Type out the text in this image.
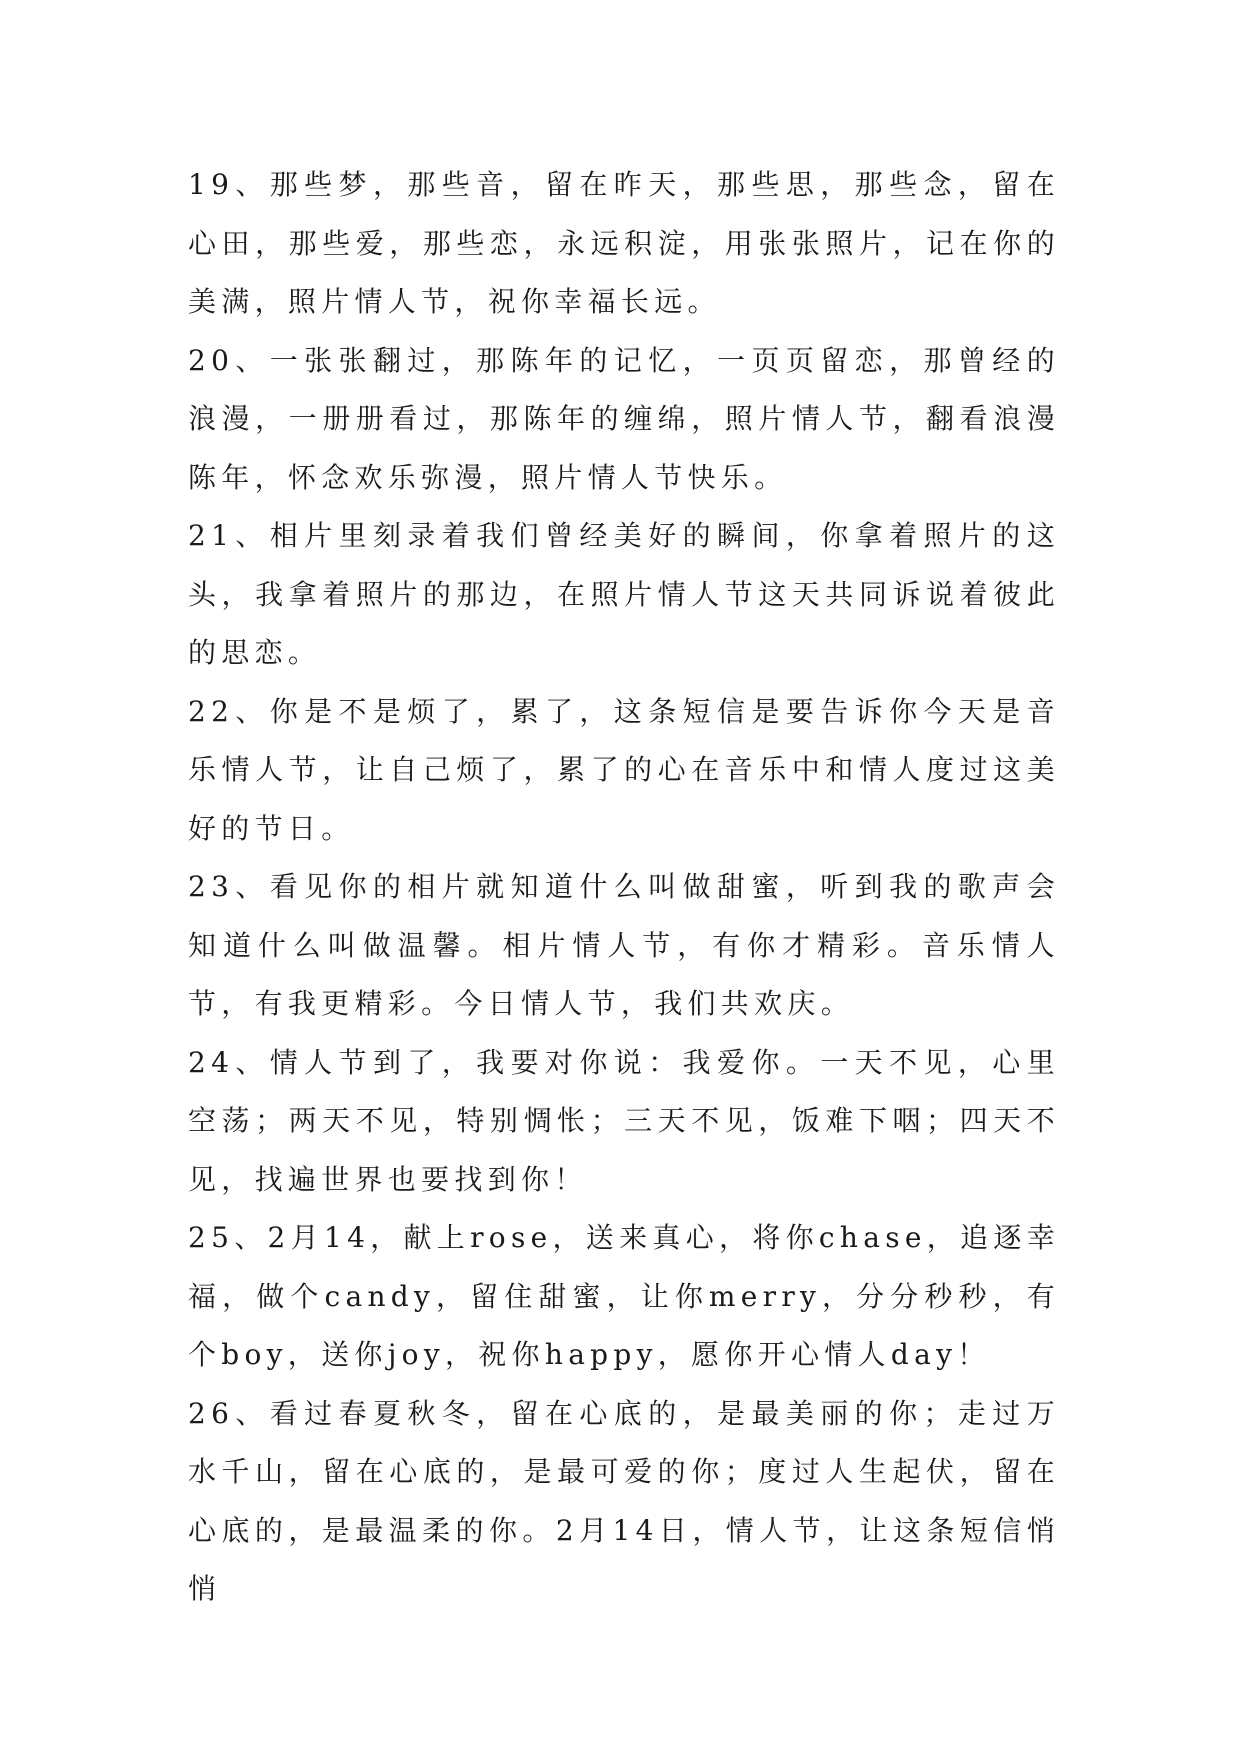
19、那些梦，那些音，留在昨天，那些思，那些念，留在心田，那些爱，那些恋，永远积淀，用张张照片，记在你的美满，照片情人节，祝你幸福长远。

20、一张张翻过，那陈年的记忆，一页页留恋，那曾经的浪漫，一册册看过，那陈年的缠绵，照片情人节，翻看浪漫陈年，怀念欢乐弥漫，照片情人节快乐。

21、相片里刻录着我们曾经美好的瞬间，你拿着照片的这头，我拿着照片的那边，在照片情人节这天共同诉说着彼此的思恋。

22、你是不是烦了，累了，这条短信是要告诉你今天是音乐情人节，让自己烦了，累了的心在音乐中和情人度过这美好的节日。

23、看见你的相片就知道什么叫做甜蜜，听到我的歌声会知道什么叫做温馨。相片情人节，有你才精彩。音乐情人节，有我更精彩。今日情人节，我们共欢庆。

24、情人节到了，我要对你说：我爱你。一天不见，心里空荡；两天不见，特别惆怅；三天不见，饭难下咽；四天不见，找遍世界也要找到你！

25、2月14，献上rose，送来真心，将你chase，追逐幸福，做个candy，留住甜蜜，让你merry，分分秒秒，有个boy，送你joy，祝你happy，愿你开心情人day！

26、看过春夏秋冬，留在心底的，是最美丽的你；走过万水千山，留在心底的，是最可爱的你；度过人生起伏，留在心底的，是最温柔的你。2月14日，情人节，让这条短信悄悄
